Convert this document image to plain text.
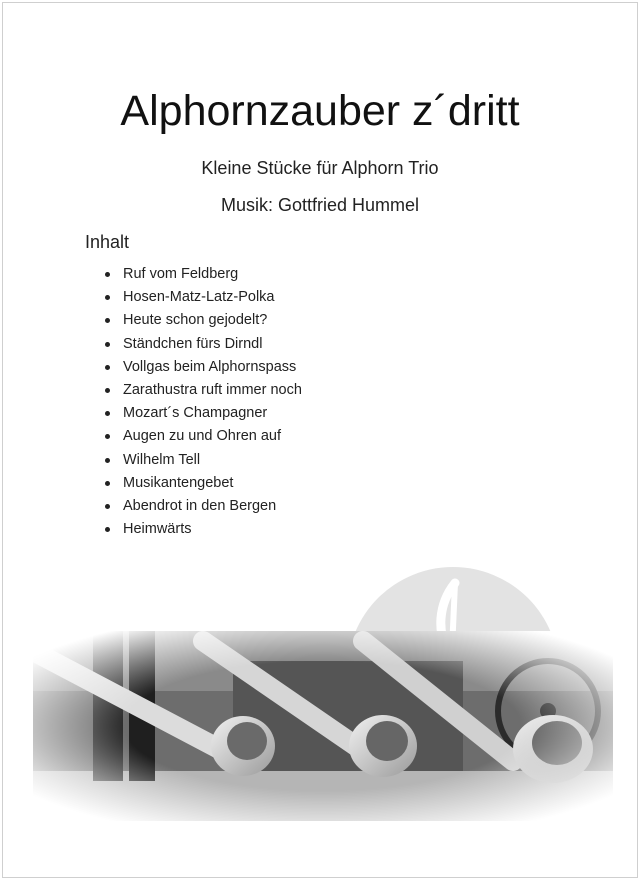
Alphornzauber z´dritt
Kleine Stücke für Alphorn Trio
Musik: Gottfried Hummel
Inhalt
Ruf vom Feldberg
Hosen-Matz-Latz-Polka
Heute schon gejodelt?
Ständchen fürs Dirndl
Vollgas beim Alphornspass
Zarathustra ruft immer noch
Mozart´s Champagner
Augen zu und Ohren auf
Wilhelm Tell
Musikantengebet
Abendrot in den Bergen
Heimwärts
